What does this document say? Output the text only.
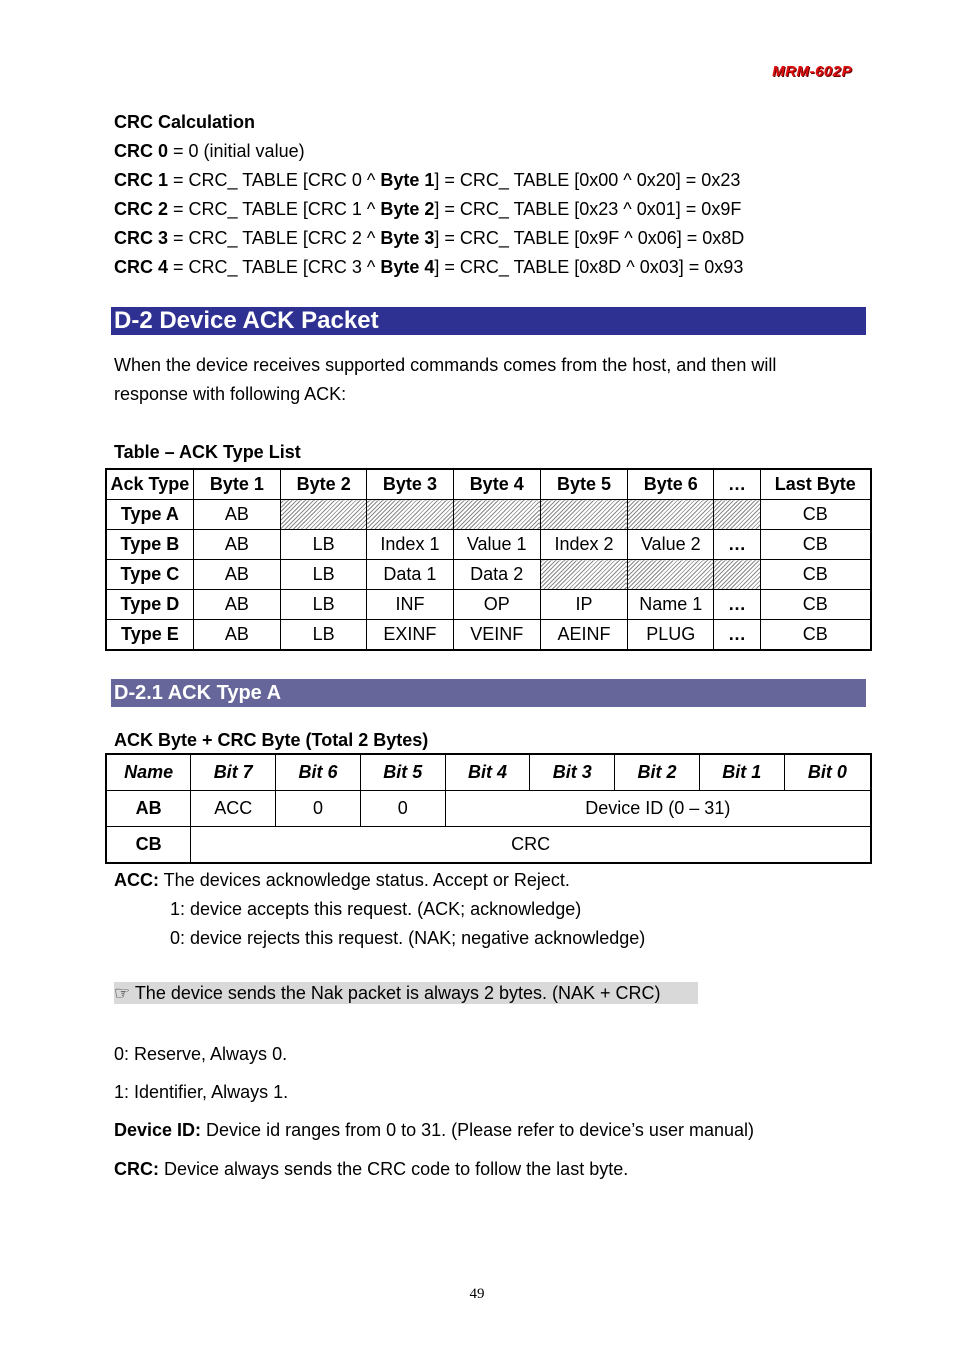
MRM-602P
CRC Calculation
CRC 0 = 0 (initial value)
CRC 1 = CRC_ TABLE [CRC 0 ^ Byte 1] = CRC_ TABLE [0x00 ^ 0x20] = 0x23
CRC 2 = CRC_ TABLE [CRC 1 ^ Byte 2] = CRC_ TABLE [0x23 ^ 0x01] = 0x9F
CRC 3 = CRC_ TABLE [CRC 2 ^ Byte 3] = CRC_ TABLE [0x9F ^ 0x06] = 0x8D
CRC 4 = CRC_ TABLE [CRC 3 ^ Byte 4] = CRC_ TABLE [0x8D ^ 0x03] = 0x93
D-2 Device ACK Packet
When the device receives supported commands comes from the host, and then will
response with following ACK:
Table – ACK Type List
Ack Type	Byte 1	Byte 2	Byte 3	Byte 4	Byte 5	Byte 6	…	Last Byte
Type A	AB							CB
Type B	AB	LB	Index 1	Value 1	Index 2	Value 2	…	CB
Type C	AB	LB	Data 1	Data 2				CB
Type D	AB	LB	INF	OP	IP	Name 1	…	CB
Type E	AB	LB	EXINF	VEINF	AEINF	PLUG	…	CB
D-2.1 ACK Type A
ACK Byte + CRC Byte (Total 2 Bytes)
Name	Bit 7	Bit 6	Bit 5	Bit 4	Bit 3	Bit 2	Bit 1	Bit 0
AB	ACC	0	0	Device ID (0 – 31)				
CB	CRC							
ACC: The devices acknowledge status. Accept or Reject.
1: device accepts this request. (ACK; acknowledge)
0: device rejects this request. (NAK; negative acknowledge)
☞ The device sends the Nak packet is always 2 bytes. (NAK + CRC)
0: Reserve, Always 0.
1: Identifier, Always 1.
Device ID: Device id ranges from 0 to 31. (Please refer to device’s user manual)
CRC: Device always sends the CRC code to follow the last byte.
49
